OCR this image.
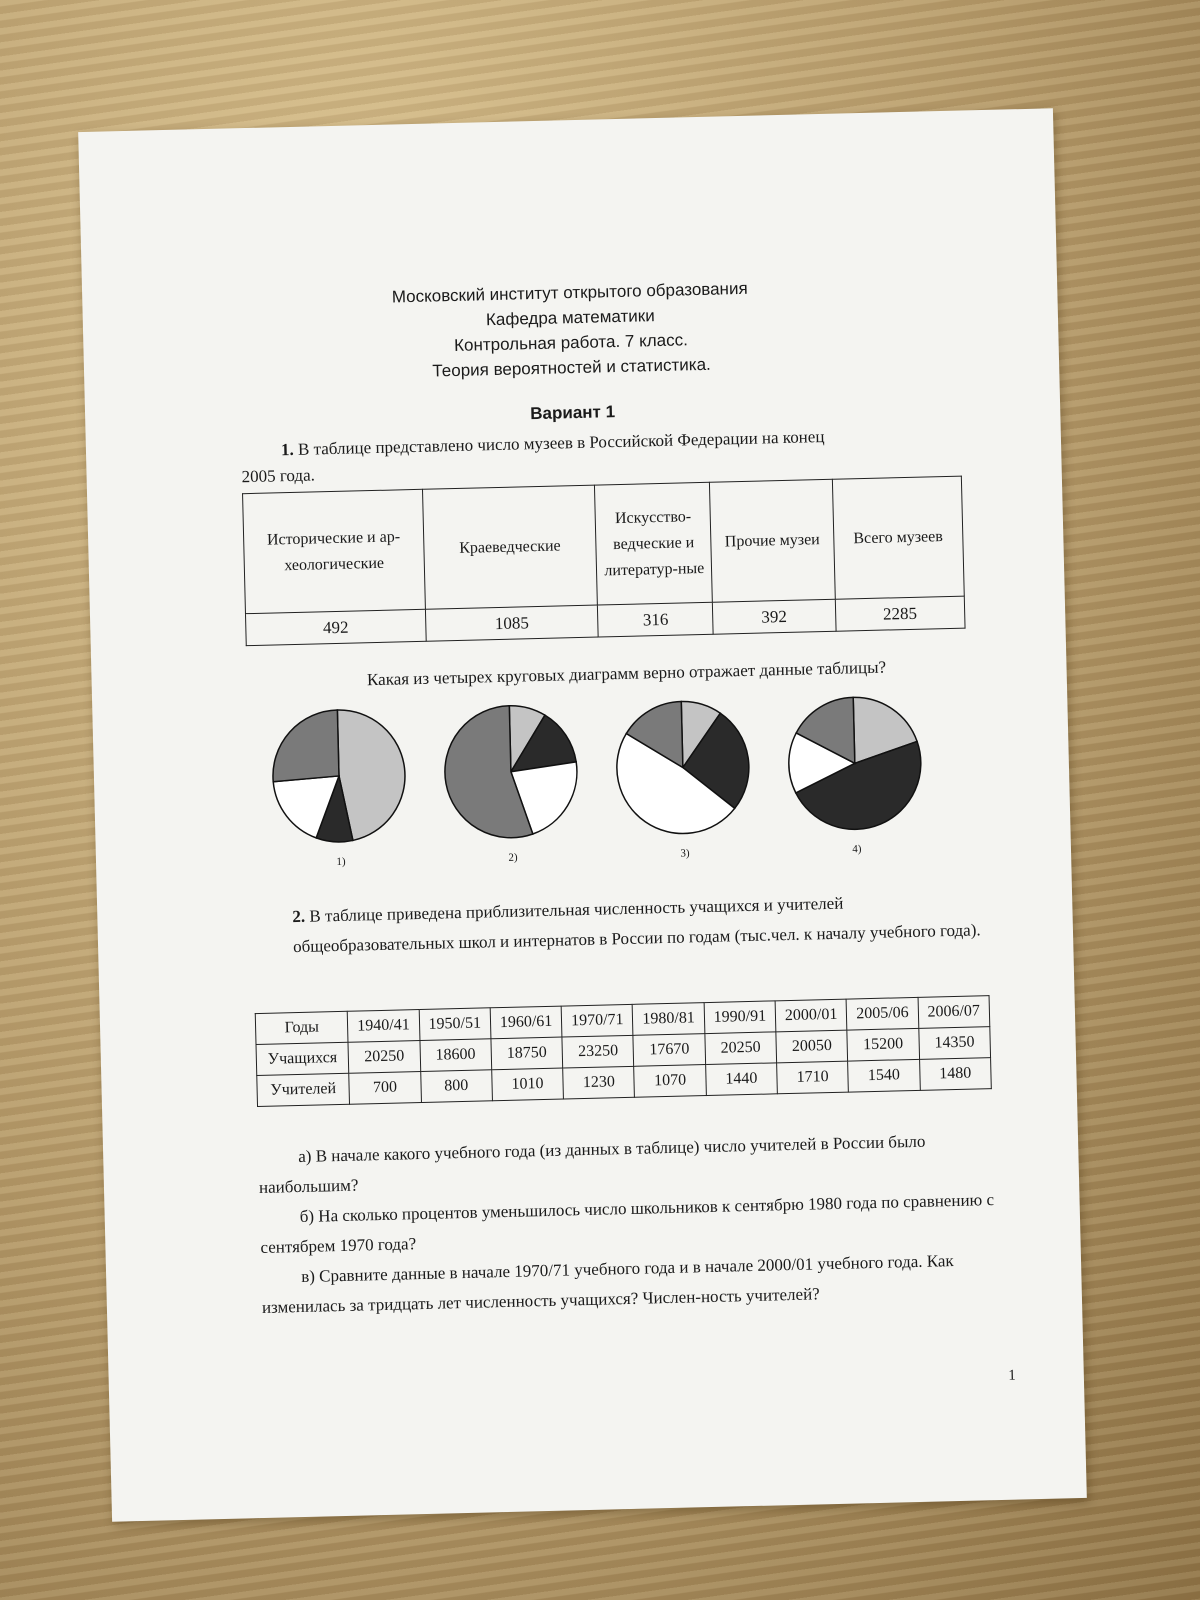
Московский институт открытого образования
Кафедра математики
Контрольная работа. 7 класс.
Теория вероятностей и статистика.
Вариант 1
1. В таблице представлено число музеев в Российской Федерации на конец
2005 года.
Исторические и ар-хеологические	Краеведческие	Искусство-ведческие и литератур-ные	Прочие музеи	Всего музеев
492	1085	316	392	2285
Какая из четырех круговых диаграмм верно отражает данные таблицы?
1)	2)	3)	4)
2. В таблице приведена приблизительная численность учащихся и учителей общеобразовательных школ и интернатов в России по годам (тыс.чел. к началу учебного года).
Годы	1940/41	1950/51	1960/61	1970/71	1980/81	1990/91	2000/01	2005/06	2006/07
Учащихся	20250	18600	18750	23250	17670	20250	20050	15200	14350
Учителей	700	800	1010	1230	1070	1440	1710	1540	1480

а) В начале какого учебного года (из данных в таблице) число учителей в России было наибольшим?

б) На сколько процентов уменьшилось число школьников к сентябрю 1980 года по сравнению с сентябрем 1970 года?

в) Сравните данные в начале 1970/71 учебного года и в начале 2000/01 учебного года. Как изменилась за тридцать лет численность учащихся? Числен-ность учителей?

1
